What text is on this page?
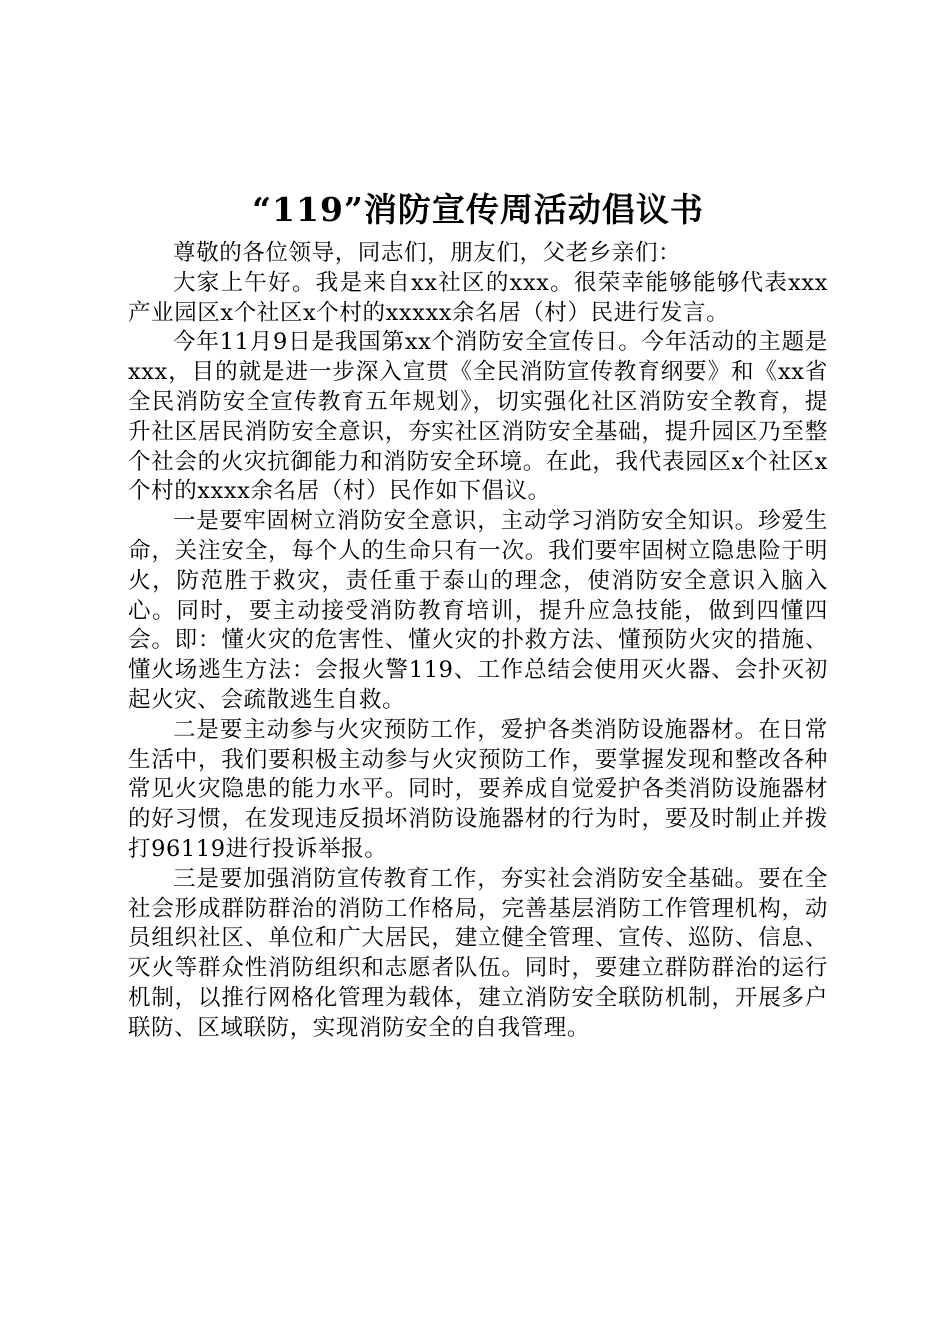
“119”消防宣传周活动倡议书

尊敬的各位领导，同志们，朋友们，父老乡亲们：

大家上午好。我是来自xx社区的xxx。很荣幸能够能够代表xxx产业园区x个社区x个村的xxxxx余名居（村）民进行发言。

今年11月9日是我国第xx个消防安全宣传日。今年活动的主题是xxx，目的就是进一步深入宣贯《全民消防宣传教育纲要》和《xx省全民消防安全宣传教育五年规划》，切实强化社区消防安全教育，提升社区居民消防安全意识，夯实社区消防安全基础，提升园区乃至整个社会的火灾抗御能力和消防安全环境。在此，我代表园区x个社区x个村的xxxx余名居（村）民作如下倡议。

一是要牢固树立消防安全意识，主动学习消防安全知识。珍爱生命，关注安全，每个人的生命只有一次。我们要牢固树立隐患险于明火，防范胜于救灾，责任重于泰山的理念，使消防安全意识入脑入心。同时，要主动接受消防教育培训，提升应急技能，做到四懂四会。即：懂火灾的危害性、懂火灾的扑救方法、懂预防火灾的措施、懂火场逃生方法：会报火警119、工作总结会使用灭火器、会扑灭初起火灾、会疏散逃生自救。

二是要主动参与火灾预防工作，爱护各类消防设施器材。在日常生活中，我们要积极主动参与火灾预防工作，要掌握发现和整改各种常见火灾隐患的能力水平。同时，要养成自觉爱护各类消防设施器材的好习惯，在发现违反损坏消防设施器材的行为时，要及时制止并拨打96119进行投诉举报。

三是要加强消防宣传教育工作，夯实社会消防安全基础。要在全社会形成群防群治的消防工作格局，完善基层消防工作管理机构，动员组织社区、单位和广大居民，建立健全管理、宣传、巡防、信息、灭火等群众性消防组织和志愿者队伍。同时，要建立群防群治的运行机制，以推行网格化管理为载体，建立消防安全联防机制，开展多户联防、区域联防，实现消防安全的自我管理。
